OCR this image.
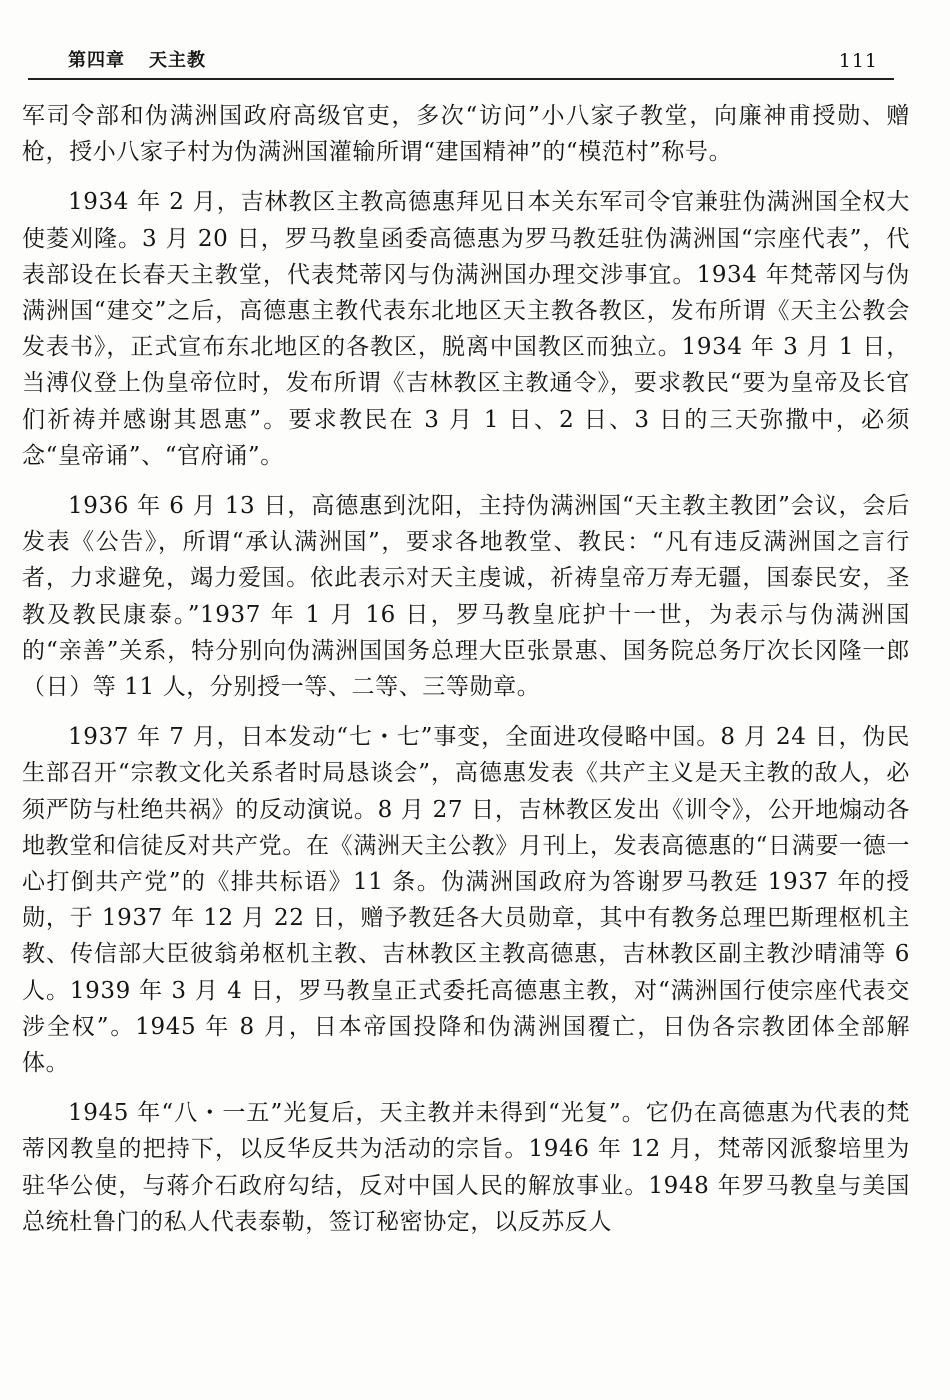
第四章 天主教	111

军司令部和伪满洲国政府高级官吏，多次“访问”小八家子教堂，向廉神甫授勋、赠枪，授小八家子村为伪满洲国灌输所谓“建国精神”的“模范村”称号。

1934 年 2 月，吉林教区主教高德惠拜见日本关东军司令官兼驻伪满洲国全权大使菱刈隆。3 月 20 日，罗马教皇函委高德惠为罗马教廷驻伪满洲国“宗座代表”，代表部设在长春天主教堂，代表梵蒂冈与伪满洲国办理交涉事宜。1934 年梵蒂冈与伪满洲国“建交”之后，高德惠主教代表东北地区天主教各教区，发布所谓《天主公教会发表书》，正式宣布东北地区的各教区，脱离中国教区而独立。1934 年 3 月 1 日，当溥仪登上伪皇帝位时，发布所谓《吉林教区主教通令》，要求教民“要为皇帝及长官们祈祷并感谢其恩惠”。要求教民在 3 月 1 日、2 日、3 日的三天弥撒中，必须念“皇帝诵”、“官府诵”。

1936 年 6 月 13 日，高德惠到沈阳，主持伪满洲国“天主教主教团”会议，会后发表《公告》，所谓“承认满洲国”，要求各地教堂、教民：“凡有违反满洲国之言行者，力求避免，竭力爱国。依此表示对天主虔诚，祈祷皇帝万寿无疆，国泰民安，圣教及教民康泰。”1937 年 1 月 16 日，罗马教皇庇护十一世，为表示与伪满洲国的“亲善”关系，特分别向伪满洲国国务总理大臣张景惠、国务院总务厅次长冈隆一郎（日）等 11 人，分别授一等、二等、三等勋章。

1937 年 7 月，日本发动“七・七”事变，全面进攻侵略中国。8 月 24 日，伪民生部召开“宗教文化关系者时局恳谈会”，高德惠发表《共产主义是天主教的敌人，必须严防与杜绝共祸》的反动演说。8 月 27 日，吉林教区发出《训令》，公开地煽动各地教堂和信徒反对共产党。在《满洲天主公教》月刊上，发表高德惠的“日满要一德一心打倒共产党”的《排共标语》11 条。伪满洲国政府为答谢罗马教廷 1937 年的授勋，于 1937 年 12 月 22 日，赠予教廷各大员勋章，其中有教务总理巴斯理枢机主教、传信部大臣彼翁弟枢机主教、吉林教区主教高德惠，吉林教区副主教沙晴浦等 6 人。1939 年 3 月 4 日，罗马教皇正式委托高德惠主教，对“满洲国行使宗座代表交涉全权”。1945 年 8 月，日本帝国投降和伪满洲国覆亡，日伪各宗教团体全部解体。

1945 年“八・一五”光复后，天主教并未得到“光复”。它仍在高德惠为代表的梵蒂冈教皇的把持下，以反华反共为活动的宗旨。1946 年 12 月，梵蒂冈派黎培里为驻华公使，与蒋介石政府勾结，反对中国人民的解放事业。1948 年罗马教皇与美国总统杜鲁门的私人代表泰勒，签订秘密协定，以反苏反人
